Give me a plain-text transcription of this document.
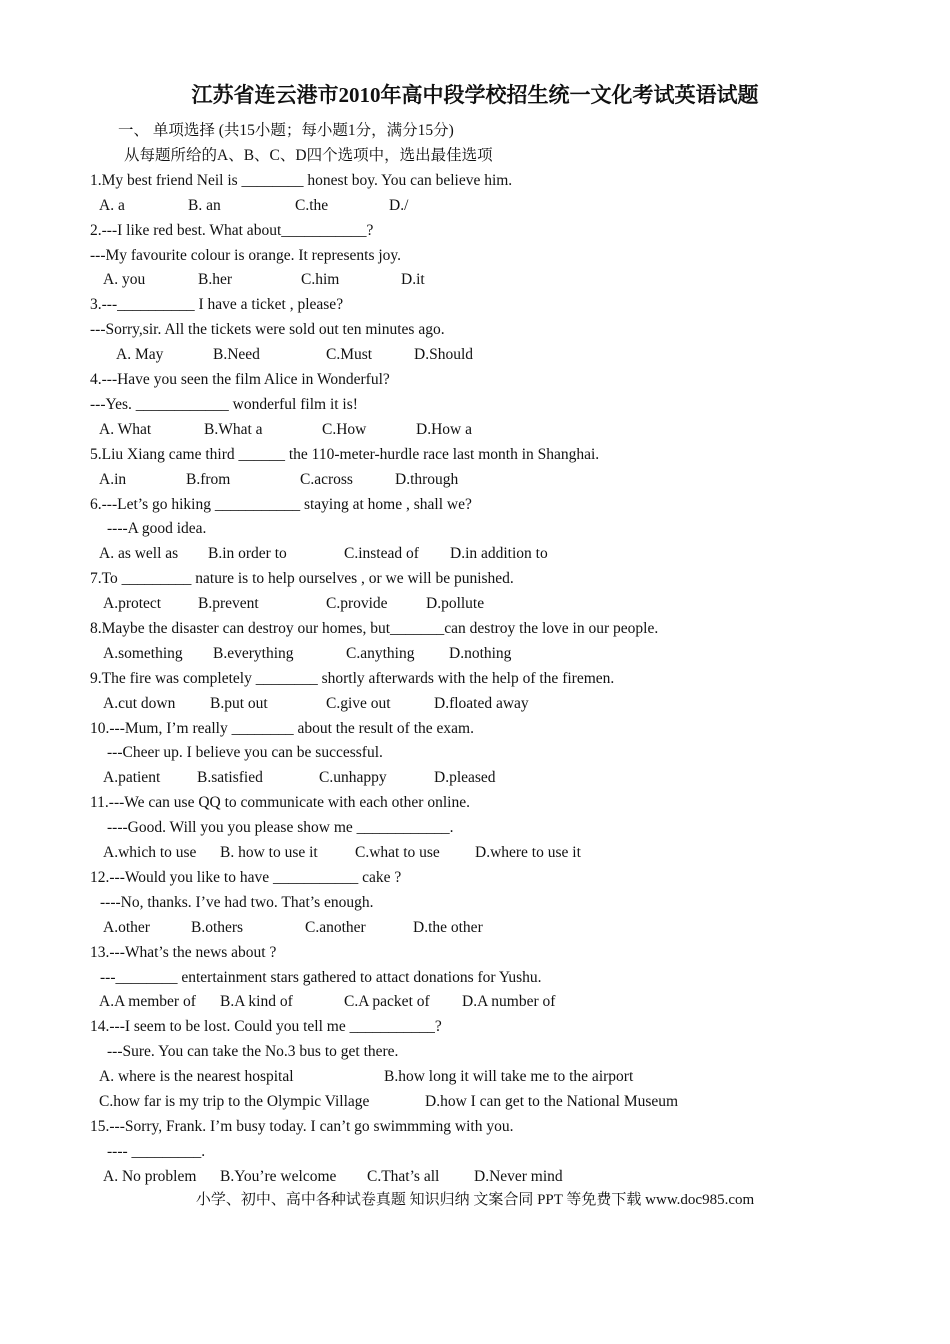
江苏省连云港市2010年高中段学校招生统一文化考试英语试题
一、 单项选择 (共15小题；每小题1分，满分15分)
从每题所给的A、B、C、D四个选项中，选出最佳选项
1.My best friend Neil is ________ honest boy. You can believe him.
A. a	B. an	C.the	D./
2.---I like red best. What about___________?
---My favourite colour is orange. It represents joy.
A. you	B.her	C.him	D.it
3.---__________ I have a ticket , please?
---Sorry,sir. All the tickets were sold out ten minutes ago.
A. May	B.Need	C.Must	D.Should
4.---Have you seen the film Alice in Wonderful?
---Yes. ____________ wonderful film it is!
A. What	B.What a	C.How	D.How a
5.Liu Xiang came third ______ the 110-meter-hurdle race last month in Shanghai.
A.in	B.from	C.across	D.through
6.---Let’s go hiking ___________ staying at home , shall we?
----A good idea.
A. as well as B.in order to	C.instead of D.in addition to
7.To _________ nature is to help ourselves , or we will be punished.
A.protect B.prevent	C.provide D.pollute
8.Maybe the disaster can destroy our homes, but_______can destroy the love in our people.
A.something B.everything	C.anything D.nothing
9.The fire was completely ________ shortly afterwards with the help of the firemen.
A.cut down B.put out	C.give out	D.floated away
10.---Mum, I’m really ________ about the result of the exam.
---Cheer up. I believe you can be successful.
A.patient B.satisfied	C.unhappy	D.pleased
11.---We can use QQ to communicate with each other online.
----Good. Will you you please show me ____________.
A.which to use B. how to use it C.what to use D.where to use it
12.---Would you like to have ___________ cake ?
----No, thanks. I’ve had two. That’s enough.
A.other	B.others	C.another	D.the other
13.---What’s the news about ?
---________ entertainment stars gathered to attact donations for Yushu.
A.A member of B.A kind of	C.A packet of D.A number of
14.---I seem to be lost. Could you tell me ___________?
---Sure. You can take the No.3 bus to get there.
A. where is the nearest hospital	B.how long it will take me to the airport
C.how far is my trip to the Olympic Village	D.how I can get to the National Museum
15.---Sorry, Frank. I’m busy today. I can’t go swimmming with you.
---- _________.
A. No problem B.You’re welcome C.That’s all D.Never mind
小学、初中、高中各种试卷真题 知识归纳 文案合同 PPT 等免费下载 www.doc985.com
